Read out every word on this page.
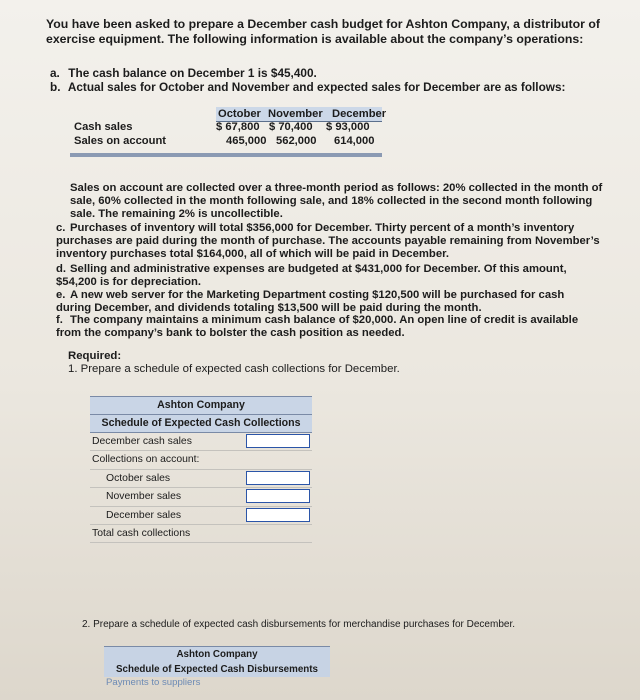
You have been asked to prepare a December cash budget for Ashton Company, a distributor of exercise equipment. The following information is available about the company’s operations:
a. The cash balance on December 1 is $45,400.
b. Actual sales for October and November and expected sales for December are as follows:
October November December
Cash sales	$ 67,800 $ 70,400 $ 93,000
Sales on account	465,000 562,000 614,000
Sales on account are collected over a three-month period as follows: 20% collected in the month of sale, 60% collected in the month following sale, and 18% collected in the second month following sale. The remaining 2% is uncollectible.
c. Purchases of inventory will total $356,000 for December. Thirty percent of a month’s inventory purchases are paid during the month of purchase. The accounts payable remaining from November’s inventory purchases total $164,000, all of which will be paid in December.
d. Selling and administrative expenses are budgeted at $431,000 for December. Of this amount, $54,200 is for depreciation.
e. A new web server for the Marketing Department costing $120,500 will be purchased for cash during December, and dividends totaling $13,500 will be paid during the month.
f. The company maintains a minimum cash balance of $20,000. An open line of credit is available from the company’s bank to bolster the cash position as needed.
Required:
1. Prepare a schedule of expected cash collections for December.
Ashton Company
Schedule of Expected Cash Collections
December cash sales
Collections on account:
October sales
November sales
December sales
Total cash collections
2. Prepare a schedule of expected cash disbursements for merchandise purchases for December.
Ashton Company
Schedule of Expected Cash Disbursements
Payments to suppliers
